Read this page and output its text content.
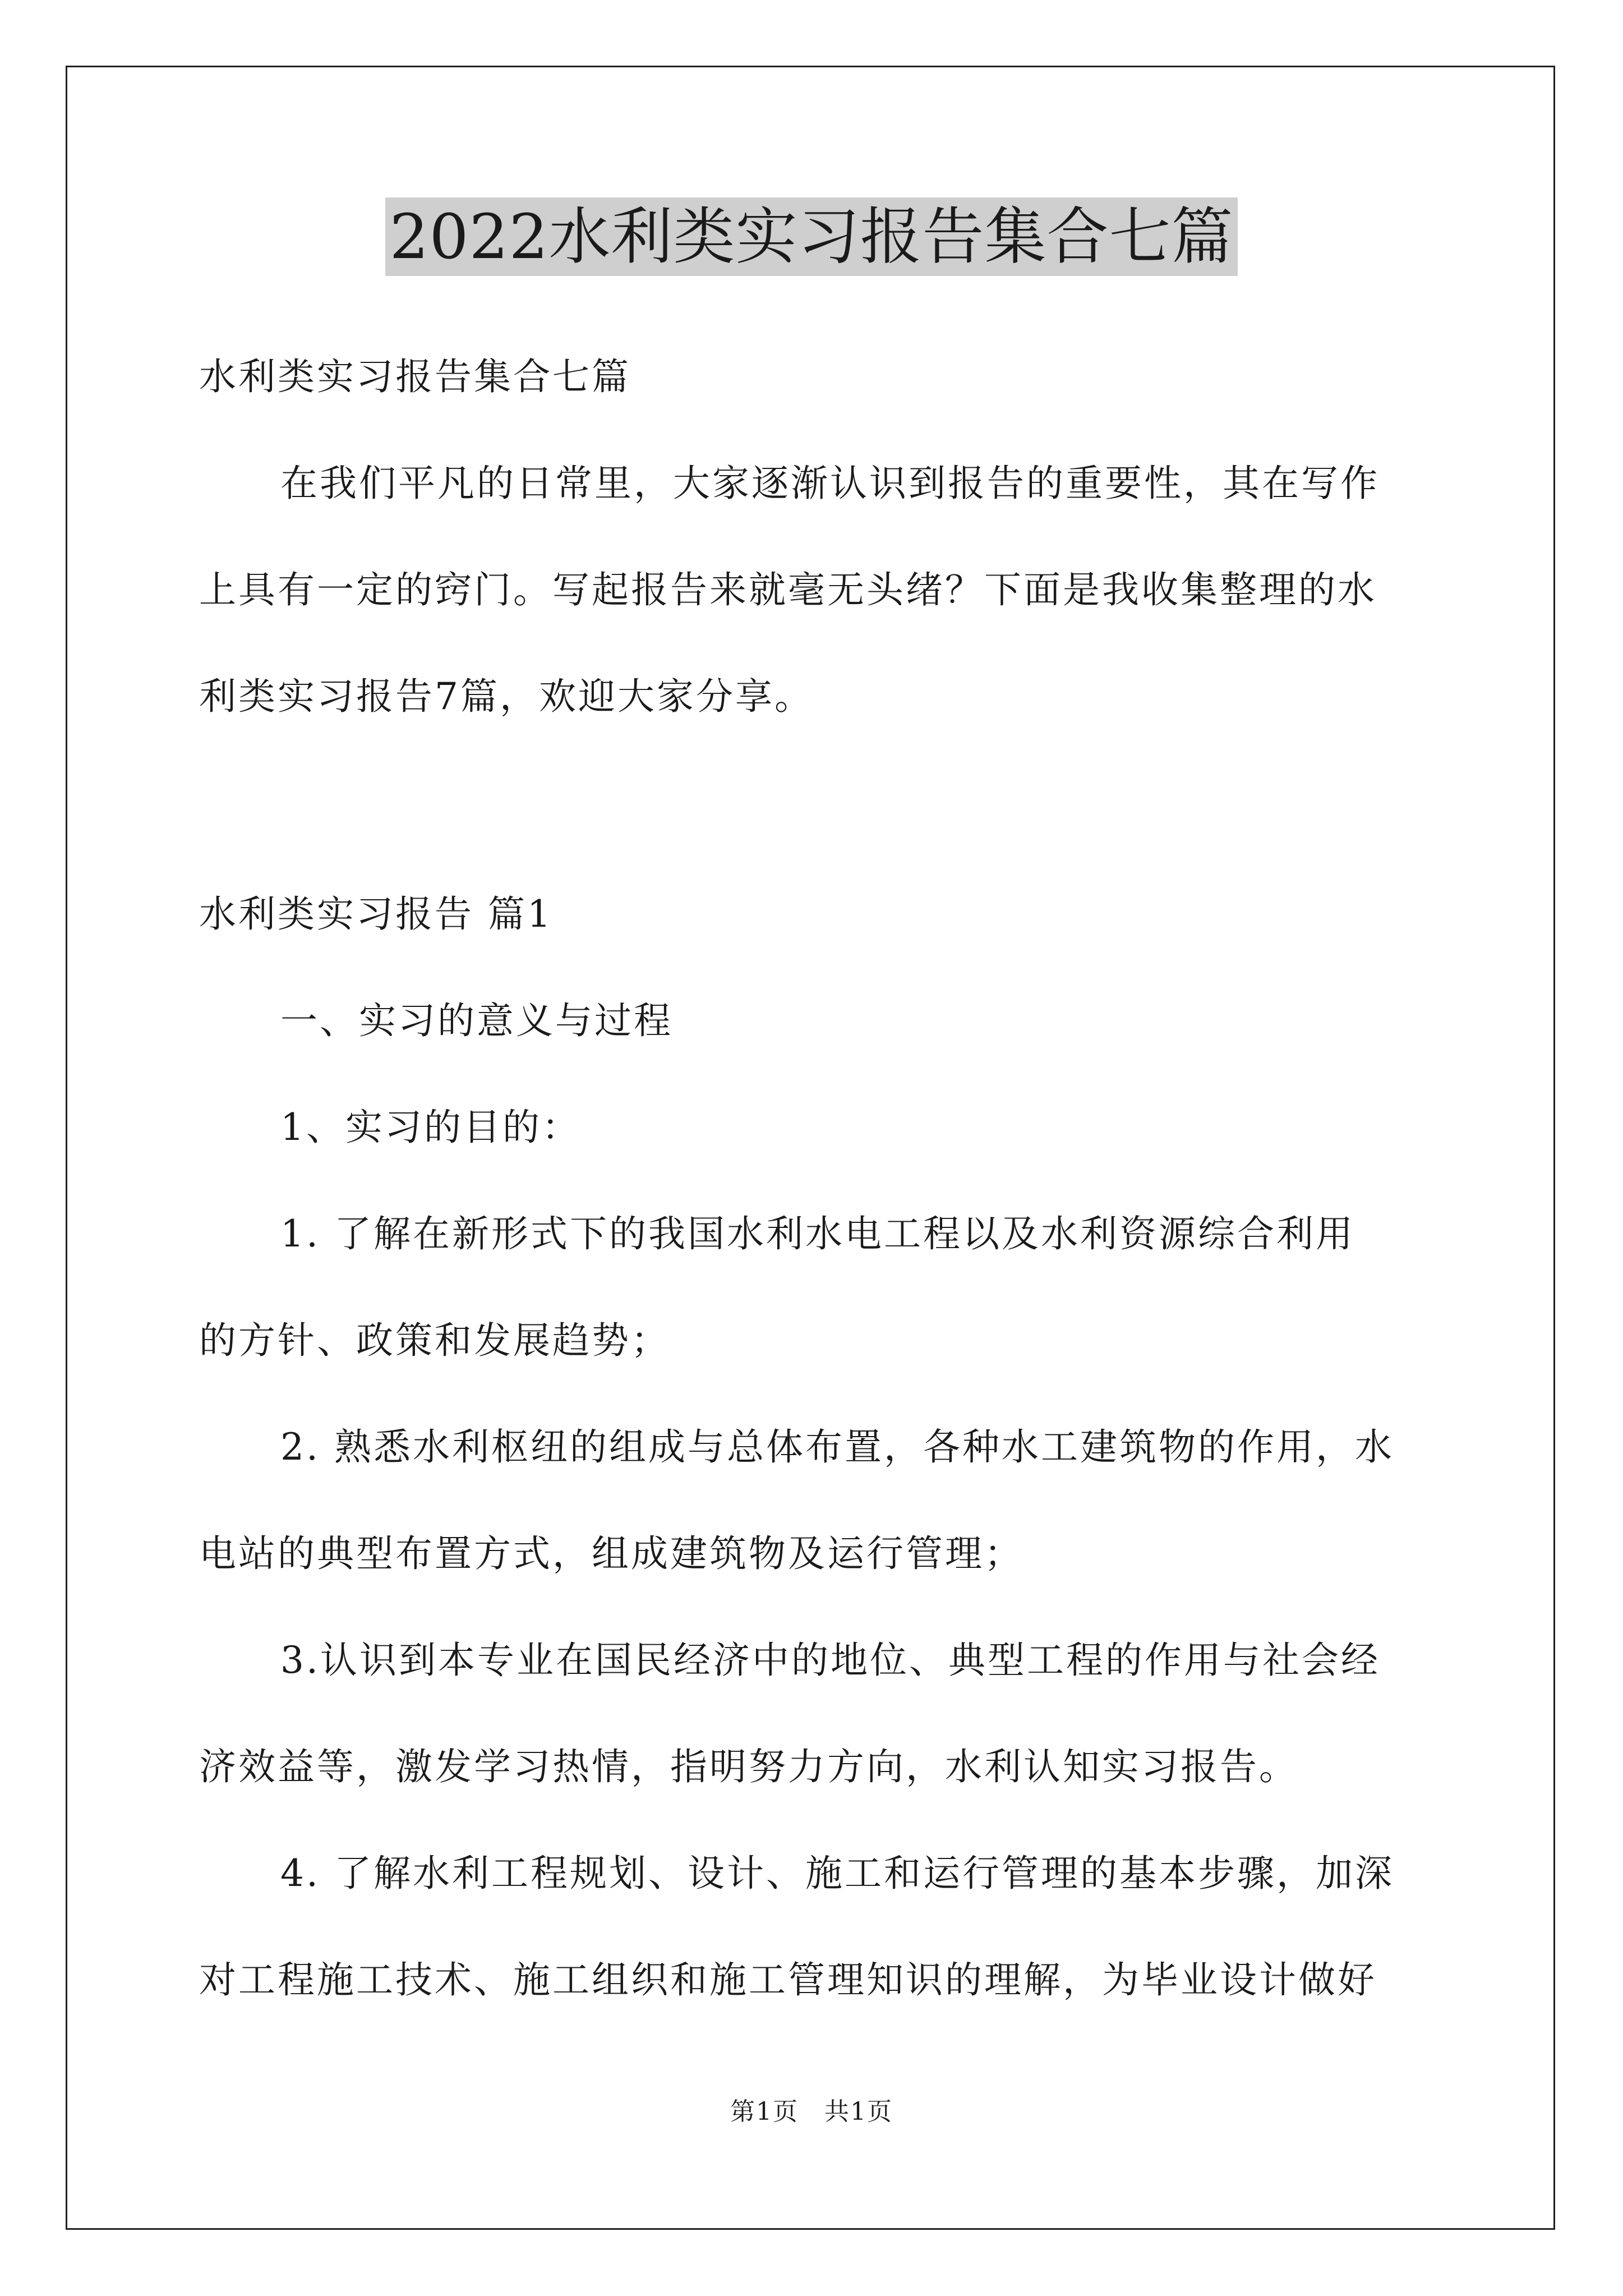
2022水利类实习报告集合七篇
水利类实习报告集合七篇
在我们平凡的日常里，大家逐渐认识到报告的重要性，其在写作
上具有一定的窍门。写起报告来就毫无头绪？下面是我收集整理的水
利类实习报告7篇，欢迎大家分享。
水利类实习报告 篇1
一、实习的意义与过程
1、实习的目的：
1. 了解在新形式下的我国水利水电工程以及水利资源综合利用
的方针、政策和发展趋势；
2. 熟悉水利枢纽的组成与总体布置，各种水工建筑物的作用，水
电站的典型布置方式，组成建筑物及运行管理；
3.认识到本专业在国民经济中的地位、典型工程的作用与社会经
济效益等，激发学习热情，指明努力方向，水利认知实习报告。
4. 了解水利工程规划、设计、施工和运行管理的基本步骤，加深
对工程施工技术、施工组织和施工管理知识的理解，为毕业设计做好
第1页　共1页
